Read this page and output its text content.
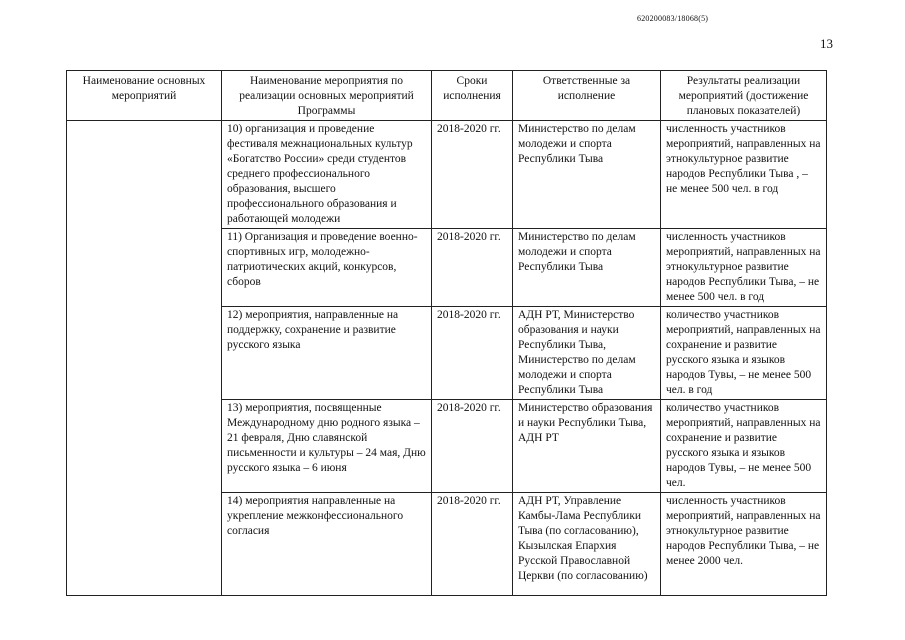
620200083/18068(5)
13
Наименование основных мероприятий	Наименование мероприятия по реализации основных мероприятий Программы	Сроки исполнения	Ответственные за исполнение	Результаты реализации мероприятий (достижение плановых показателей)
	10) организация и проведение фестиваля межнациональных культур «Богатство России» среди студентов среднего профессионального образования, высшего профессионального образования и работающей молодежи	2018-2020 гг.	Министерство по делам молодежи и спорта Республики Тыва	численность участников мероприятий, направленных на этнокультурное развитие народов Республики Тыва , – не менее 500 чел. в год
	11) Организация и проведение военно-спортивных игр, молодежно-патриотических акций, конкурсов, сборов	2018-2020 гг.	Министерство по делам молодежи и спорта Республики Тыва	численность участников мероприятий, направленных на этнокультурное развитие народов Республики Тыва, – не менее 500 чел. в год
	12) мероприятия, направленные на поддержку, сохранение и развитие русского языка	2018-2020 гг.	АДН РТ, Министерство образования и науки Республики Тыва, Министерство по делам молодежи и спорта Республики Тыва	количество участников мероприятий, направленных на сохранение и развитие русского языка и языков народов Тувы, – не менее 500 чел. в год
	13) мероприятия, посвященные Международному дню родного языка – 21 февраля, Дню славянской письменности и культуры – 24 мая, Дню русского языка – 6 июня	2018-2020 гг.	Министерство образования и науки Республики Тыва, АДН РТ	количество участников мероприятий, направленных на сохранение и развитие русского языка и языков народов Тувы, – не менее 500 чел.
	14) мероприятия направленные на укрепление межконфессионального согласия	2018-2020 гг.	АДН РТ, Управление Камбы-Лама Республики Тыва (по согласованию), Кызылская Епархия Русской Православной Церкви (по согласованию)	численность участников мероприятий, направленных на этнокультурное развитие народов Республики Тыва, – не менее 2000 чел.
